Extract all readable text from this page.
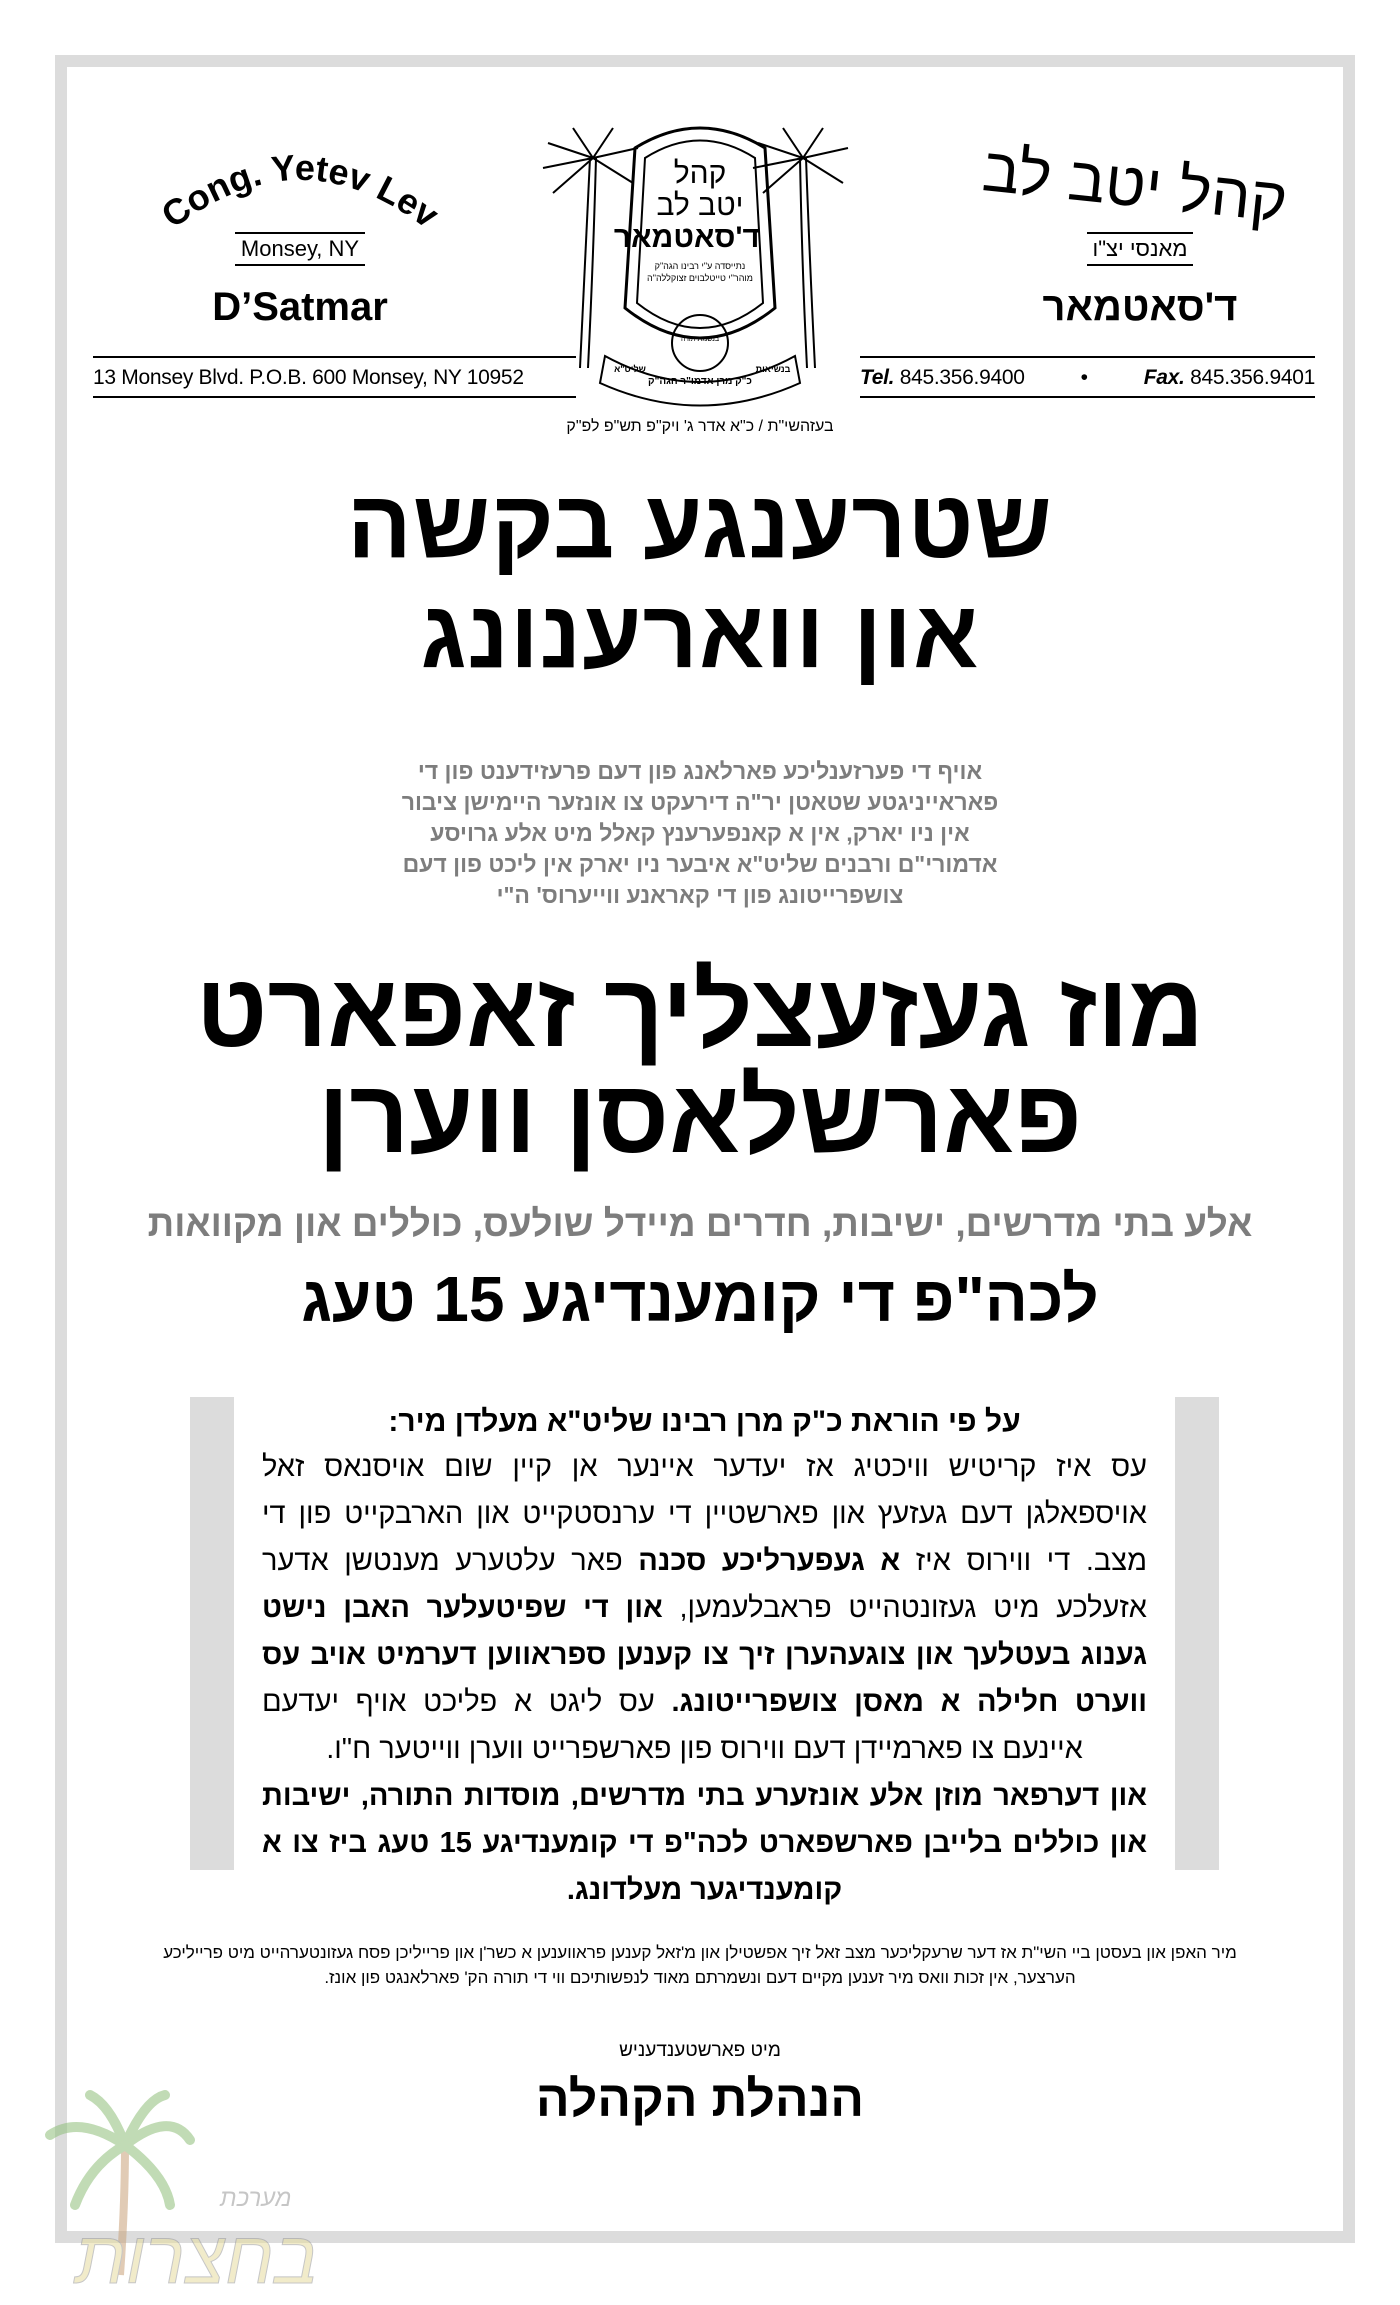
Cong. Yetev Lev
Monsey, NY
D’Satmar
קהל יטב לב
מאנסי יצ"ו
ד'סאטמאר
13 Monsey Blvd. P.O.B. 600 Monsey, NY 10952	Tel. 845.356.9400	•	Fax. 845.356.9401
קהל
יטב לב
ד'סאטמאר
נתייסדה ע"י רבינו הגה"ק
מוהר"י טייטלבוים זצוקללה"ה
בנשמת תורה
כ"ק מרן אדמו"ר הגה"ק
שליט"א	בנשיאות
בעזהשי"ת / כ"א אדר ג' ויק"פ תש"פ לפ"ק
שטרענגע בקשה
און ווארענונג
אויף די פערזענליכע פארלאנג פון דעם פרעזידענט פון די
פאראייניגטע שטאטן יר"ה דירעקט צו אונזער היימישן ציבור
אין ניו יארק, אין א קאנפערענץ קאלל מיט אלע גרויסע
אדמורי"ם ורבנים שליט"א איבער ניו יארק אין ליכט פון דעם
צושפרייטונג פון די קאראנע ווייערוס' ה"י
מוז געזעצליך זאפארט
פארשלאסן ווערן
אלע בתי מדרשים, ישיבות, חדרים מיידל שולעס, כוללים און מקוואות
לכה"פ די קומענדיגע 15 טעג
על פי הוראת כ"ק מרן רבינו שליט"א מעלדן מיר:

עס איז קריטיש וויכטיג אז יעדער איינער אן קיין שום אויסנאס זאל אויספאלגן דעם געזעץ און פארשטיין די ערנסטקייט און הארבקייט פון די מצב. די ווירוס איז א געפערליכע סכנה פאר עלטערע מענטשן אדער אזעלכע מיט געזונטהייט פראבלעמען, און די שפיטעלער האבן נישט גענוג בעטלעך און צוגעהערן זיך צו קענען ספראווען דערמיט אויב עס ווערט חלילה א מאסן צושפרייטונג. עס ליגט א פליכט אויף יעדעם איינעם צו פארמיידן דעם ווירוס פון פארשפרייט ווערן ווייטער ח"ו.

און דערפאר מוזן אלע אונזערע בתי מדרשים, מוסדות התורה, ישיבות און כוללים בלייבן פארשפארט לכה"פ די קומענדיגע 15 טעג ביז צו א קומענדיגער מעלדונג.

מיר האפן און בעסטן ביי השי"ת אז דער שרעקליכער מצב זאל זיך אפשטילן און מ'זאל קענען פראווענען א כשר'ן און פרייליכן פסח געזונטערהייט מיט פרייליכע הערצער, אין זכות וואס מיר זענען מקיים דעם ונשמרתם מאוד לנפשותיכם ווי די תורה הק' פארלאנגט פון אונז.
מיט פארשטענדעניש
הנהלת הקהלה
מערכת
בחצרות
